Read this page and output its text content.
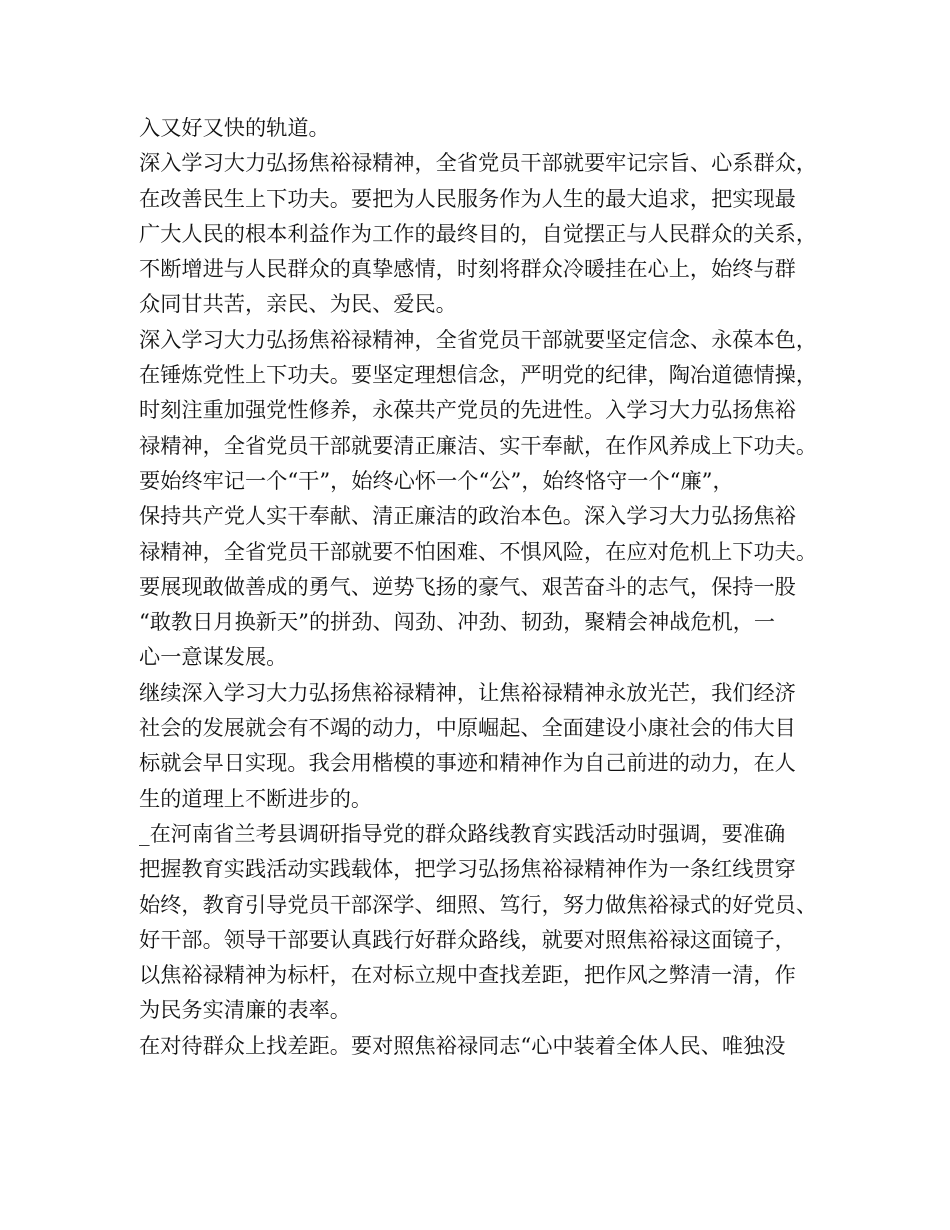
入又好又快的轨道。
深入学习大力弘扬焦裕禄精神，全省党员干部就要牢记宗旨、心系群众，
在改善民生上下功夫。要把为人民服务作为人生的最大追求，把实现最
广大人民的根本利益作为工作的最终目的，自觉摆正与人民群众的关系，
不断增进与人民群众的真挚感情，时刻将群众冷暖挂在心上，始终与群
众同甘共苦，亲民、为民、爱民。
深入学习大力弘扬焦裕禄精神，全省党员干部就要坚定信念、永葆本色，
在锤炼党性上下功夫。要坚定理想信念，严明党的纪律，陶冶道德情操，
时刻注重加强党性修养，永葆共产党员的先进性。入学习大力弘扬焦裕
禄精神，全省党员干部就要清正廉洁、实干奉献，在作风养成上下功夫。
要始终牢记一个“干”，始终心怀一个“公”，始终恪守一个“廉”，
保持共产党人实干奉献、清正廉洁的政治本色。深入学习大力弘扬焦裕
禄精神，全省党员干部就要不怕困难、不惧风险，在应对危机上下功夫。
要展现敢做善成的勇气、逆势飞扬的豪气、艰苦奋斗的志气，保持一股
“敢教日月换新天”的拼劲、闯劲、冲劲、韧劲，聚精会神战危机，一
心一意谋发展。
继续深入学习大力弘扬焦裕禄精神，让焦裕禄精神永放光芒，我们经济
社会的发展就会有不竭的动力，中原崛起、全面建设小康社会的伟大目
标就会早日实现。我会用楷模的事迹和精神作为自己前进的动力，在人
生的道理上不断进步的。
_在河南省兰考县调研指导党的群众路线教育实践活动时强调，要准确
把握教育实践活动实践载体，把学习弘扬焦裕禄精神作为一条红线贯穿
始终，教育引导党员干部深学、细照、笃行，努力做焦裕禄式的好党员、
好干部。领导干部要认真践行好群众路线，就要对照焦裕禄这面镜子，
以焦裕禄精神为标杆，在对标立规中查找差距，把作风之弊清一清，作
为民务实清廉的表率。
在对待群众上找差距。要对照焦裕禄同志“心中装着全体人民、唯独没
